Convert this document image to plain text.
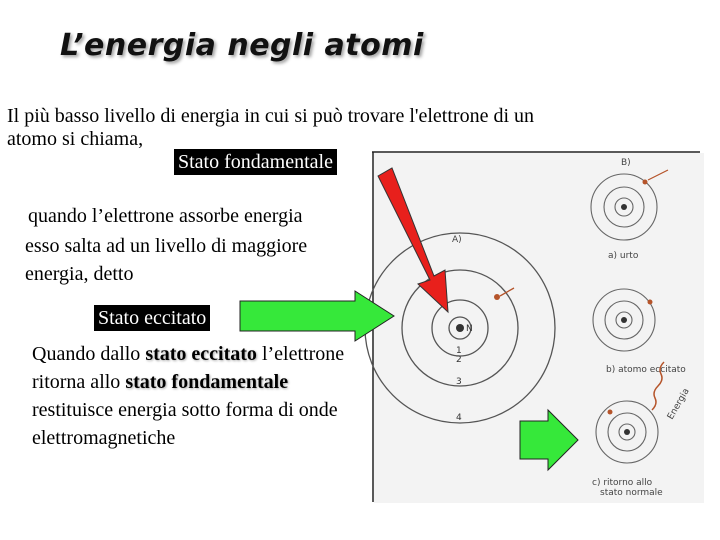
N
1
2
3
4
A)
B)
a) urto
b) atomo eccitato
Energia
c) ritorno allo
stato normale
L’energia negli atomi
Il più basso livello di energia in cui si può trovare l'elettrone di un
atomo si chiama,
Stato fondamentale
quando l’elettrone assorbe energia
esso salta ad un livello di maggiore
energia, detto
Stato eccitato
Quando dallo stato eccitato l’elettrone
ritorna allo stato fondamentale
restituisce energia sotto forma di onde
elettromagnetiche
